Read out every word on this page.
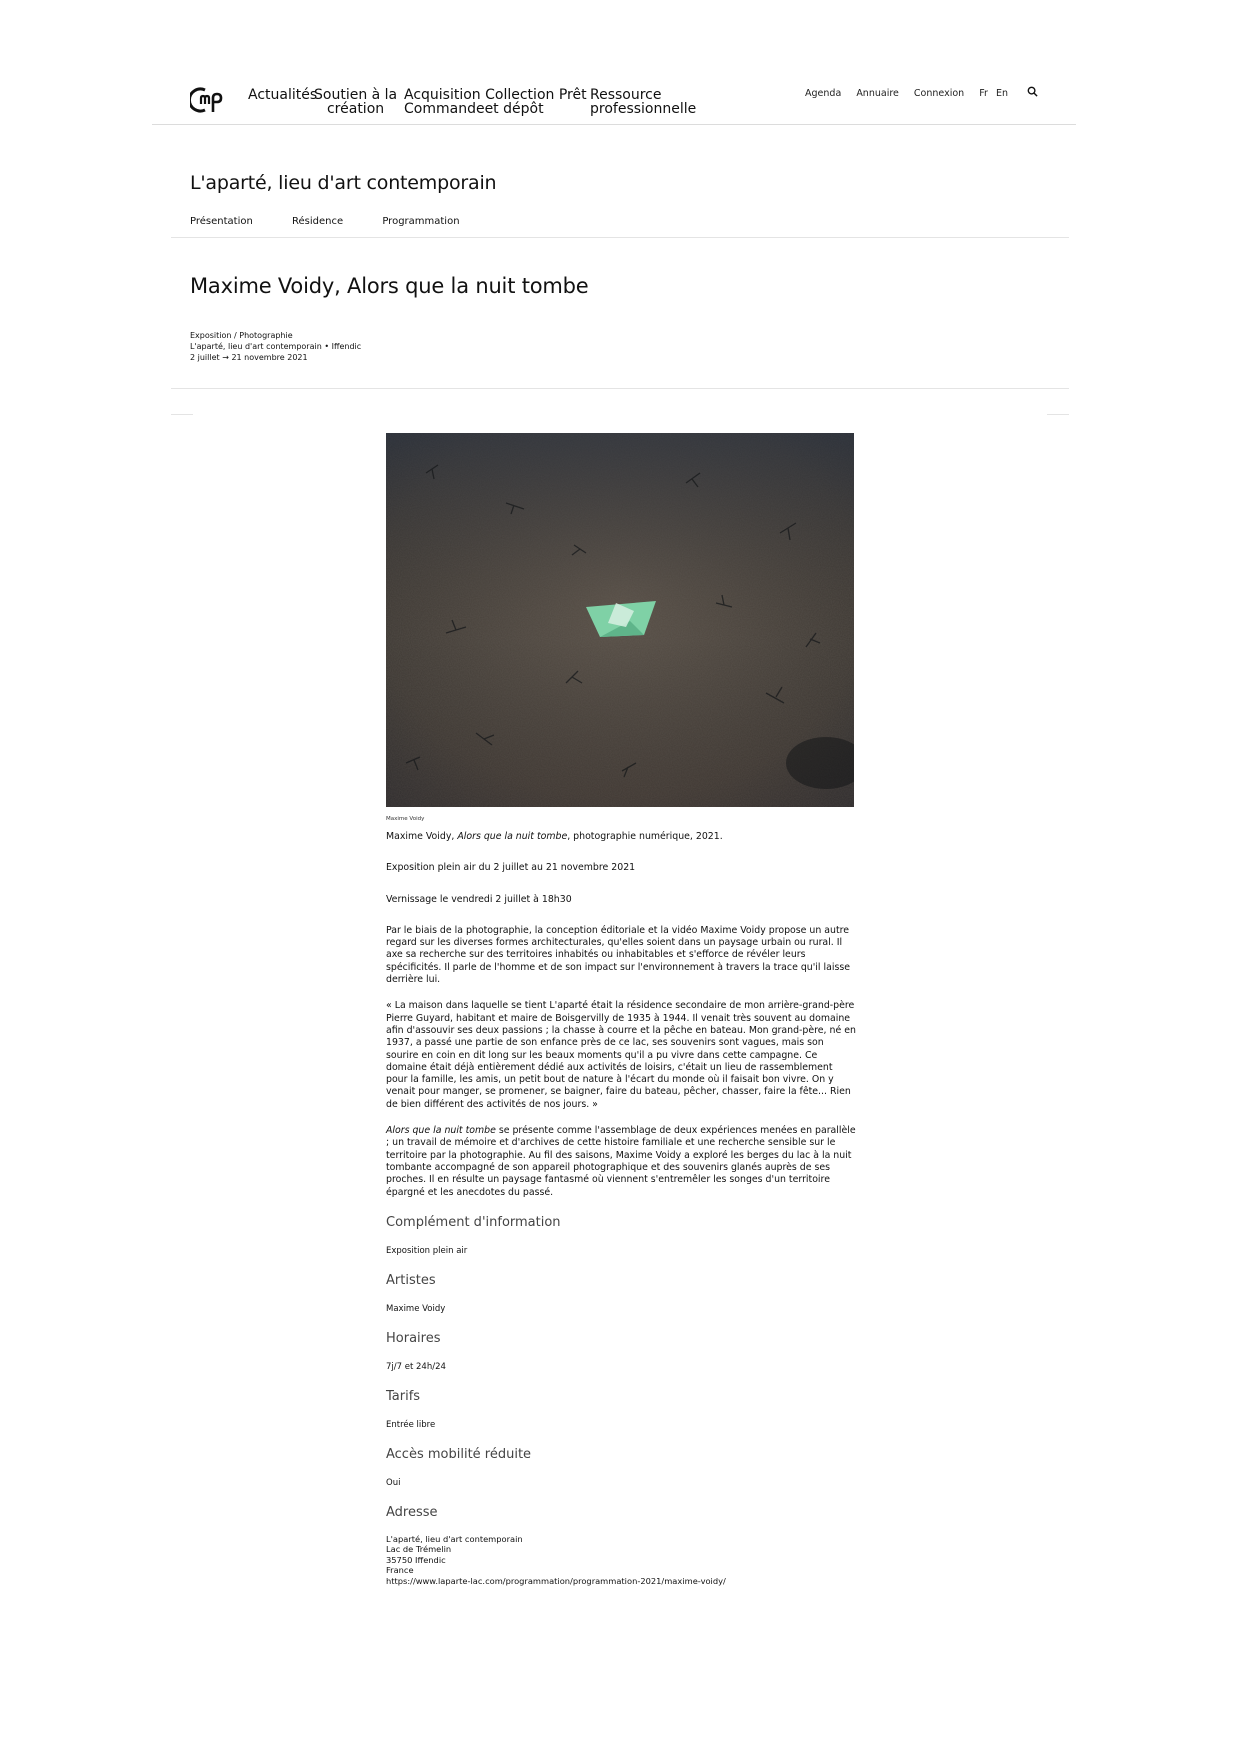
Actualités
Soutien à la
création
Acquisition Collection Prêt
Commandeet dépôt
Ressource
professionnelle
Agenda Annuaire Connexion Fr En
L'aparté, lieu d'art contemporain
Présentation	Résidence	Programmation
Maxime Voidy, Alors que la nuit tombe
Exposition / Photographie
L'aparté, lieu d'art contemporain • Iffendic
2 juillet → 21 novembre 2021
Maxime Voidy

Maxime Voidy, Alors que la nuit tombe, photographie numérique, 2021.

Exposition plein air du 2 juillet au 21 novembre 2021

Vernissage le vendredi 2 juillet à 18h30

Par le biais de la photographie, la conception éditoriale et la vidéo Maxime Voidy propose un autre regard sur les diverses formes architecturales, qu'elles soient dans un paysage urbain ou rural. Il axe sa recherche sur des territoires inhabités ou inhabitables et s'efforce de révéler leurs spécificités. Il parle de l'homme et de son impact sur l'environnement à travers la trace qu'il laisse derrière lui.

« La maison dans laquelle se tient L'aparté était la résidence secondaire de mon arrière-grand-père Pierre Guyard, habitant et maire de Boisgervilly de 1935 à 1944. Il venait très souvent au domaine afin d'assouvir ses deux passions ; la chasse à courre et la pêche en bateau. Mon grand-père, né en 1937, a passé une partie de son enfance près de ce lac, ses souvenirs sont vagues, mais son sourire en coin en dit long sur les beaux moments qu'il a pu vivre dans cette campagne. Ce domaine était déjà entièrement dédié aux activités de loisirs, c'était un lieu de rassemblement pour la famille, les amis, un petit bout de nature à l'écart du monde où il faisait bon vivre. On y venait pour manger, se promener, se baigner, faire du bateau, pêcher, chasser, faire la fête... Rien de bien différent des activités de nos jours. »

Alors que la nuit tombe se présente comme l'assemblage de deux expériences menées en parallèle ; un travail de mémoire et d'archives de cette histoire familiale et une recherche sensible sur le territoire par la photographie. Au fil des saisons, Maxime Voidy a exploré les berges du lac à la nuit tombante accompagné de son appareil photographique et des souvenirs glanés auprès de ses proches. Il en résulte un paysage fantasmé où viennent s'entremêler les songes d'un territoire épargné et les anecdotes du passé.

Complément d'information
Exposition plein air
Artistes
Maxime Voidy
Horaires
7j/7 et 24h/24
Tarifs
Entrée libre
Accès mobilité réduite
Oui
Adresse
L'aparté, lieu d'art contemporain
Lac de Trémelin
35750 Iffendic
France
https://www.laparte-lac.com/programmation/programmation-2021/maxime-voidy/
